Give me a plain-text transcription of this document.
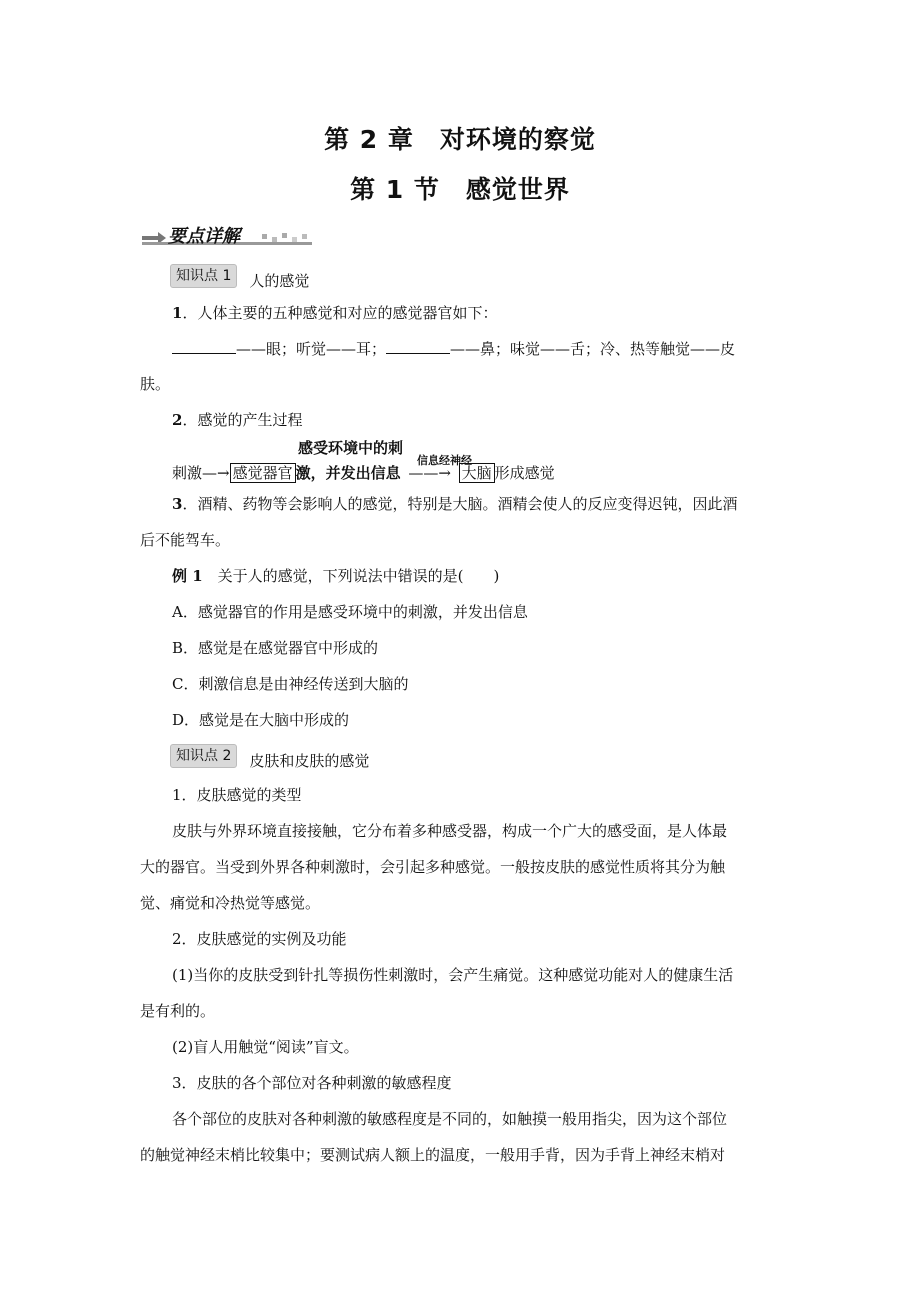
第 2 章　对环境的察觉
第 1 节　感觉世界
要点详解
知识点 1	人的感觉
1．人体主要的五种感觉和对应的感觉器官如下：
——眼；听觉——耳；	——鼻；味觉——舌；冷、热等触觉——皮
肤。
2．感觉的产生过程
感受环境中的刺
信息经神经
刺激—→ 感觉器官 激，并发出信息 ——→ 大脑 形成感觉
3．酒精、药物等会影响人的感觉，特别是大脑。酒精会使人的反应变得迟钝，因此酒
后不能驾车。
例 1　关于人的感觉，下列说法中错误的是(　　)
A．感觉器官的作用是感受环境中的刺激，并发出信息
B．感觉是在感觉器官中形成的
C．刺激信息是由神经传送到大脑的
D．感觉是在大脑中形成的
知识点 2	皮肤和皮肤的感觉
1．皮肤感觉的类型
皮肤与外界环境直接接触，它分布着多种感受器，构成一个广大的感受面，是人体最
大的器官。当受到外界各种刺激时，会引起多种感觉。一般按皮肤的感觉性质将其分为触
觉、痛觉和冷热觉等感觉。
2．皮肤感觉的实例及功能
(1)当你的皮肤受到针扎等损伤性刺激时，会产生痛觉。这种感觉功能对人的健康生活
是有利的。
(2)盲人用触觉“阅读”盲文。
3．皮肤的各个部位对各种刺激的敏感程度
各个部位的皮肤对各种刺激的敏感程度是不同的，如触摸一般用指尖，因为这个部位
的触觉神经末梢比较集中；要测试病人额上的温度，一般用手背，因为手背上神经末梢对
